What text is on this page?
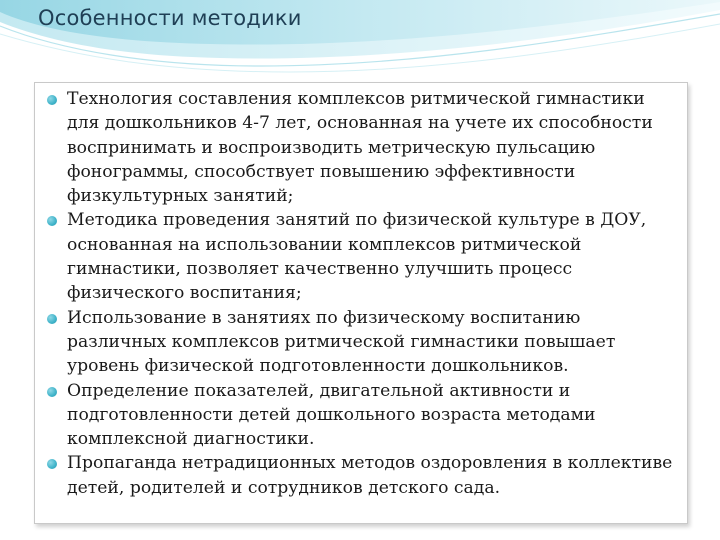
Особенности методики
Технология составления комплексов ритмической гимнастики для дошкольников 4-7 лет, основанная на учете их способности воспринимать и воспроизводить метрическую пульсацию фонограммы, способствует повышению эффективности физкультурных занятий;
Методика проведения занятий по физической культуре в ДОУ, основанная на использовании комплексов ритмической гимнастики, позволяет качественно улучшить процесс физического воспитания;
Использование в занятиях по физическому воспитанию различных комплексов ритмической гимнастики повышает уровень физической подготовленности дошкольников.
Определение показателей, двигательной активности и подготовленности детей дошкольного возраста методами комплексной диагностики.
Пропаганда нетрадиционных методов оздоровления в коллективе детей, родителей и сотрудников детского сада.
